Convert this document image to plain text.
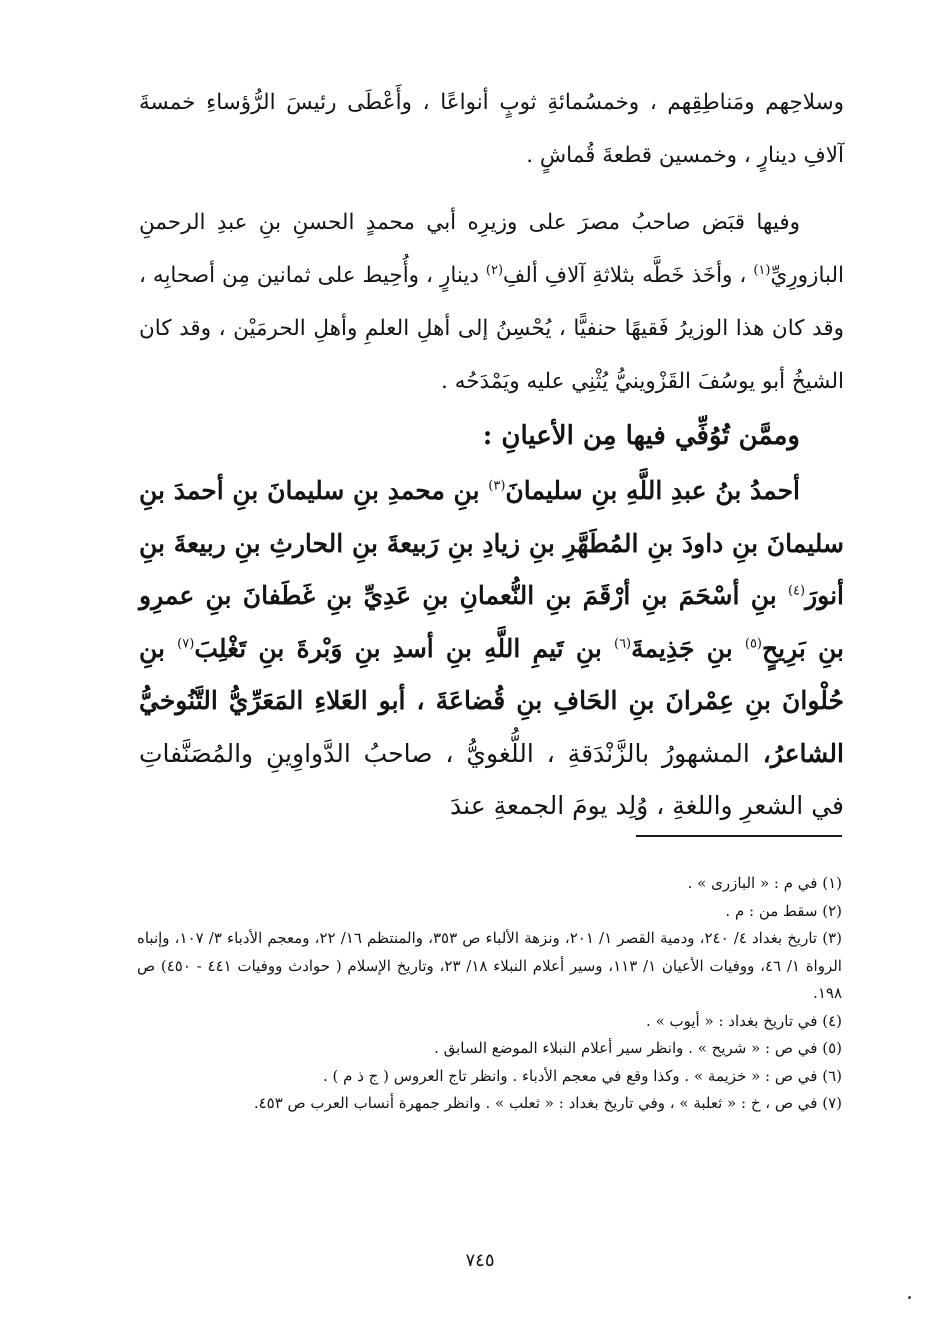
وسلاحِهم ومَناطِقِهم ، وخمسُمائةِ ثوبٍ أنواعًا ، وأَعْطَى رئيسَ الرُّؤساءِ خمسةَ آلافِ دينارٍ ، وخمسين قطعةَ قُماشٍ .

وفيها قبَض صاحبُ مصرَ على وزيرِه أبي محمدٍ الحسنِ بنِ عبدِ الرحمنِ البازورِيِّ$^{(١)}$ ، وأخَذ خَطَّه بثلاثةِ آلافِ ألفِ$^{(٢)}$ دينارٍ ، وأُحِيط على ثمانين مِن أصحابِه ، وقد كان هذا الوزيرُ فَقيهًا حنفيًّا ، يُحْسِنُ إلى أهلِ العلمِ وأهلِ الحرمَيْن ، وقد كان الشيخُ أبو يوسُفَ القَزْوينيُّ يُثْنِي عليه ويَمْدَحُه .

وممَّن تُوُفِّي فيها مِن الأعيانِ :

أحمدُ بنُ عبدِ اللَّهِ بنِ سليمانَ$^{(٣)}$ بنِ محمدِ بنِ سليمانَ بنِ أحمدَ بنِ سليمانَ بنِ داودَ بنِ المُطَهَّرِ بنِ زيادِ بنِ رَبيعةَ بنِ الحارثِ بنِ ربيعةَ بنِ أنورَ$^{(٤)}$ بنِ أسْحَمَ بنِ أرْقَمَ بنِ النُّعمانِ بنِ عَدِيِّ بنِ غَطَفانَ بنِ عمرِو بنِ بَرِيحٍ$^{(٥)}$ بنِ جَذِيمةَ$^{(٦)}$ بنِ تَيمِ اللَّهِ بنِ أسدِ بنِ وَبْرةَ بنِ تَغْلِبَ$^{(٧)}$ بنِ حُلْوانَ بنِ عِمْرانَ بنِ الحَافِ بنِ قُضاعَةَ ، أبو العَلاءِ المَعَرِّيُّ التَّنُوخيُّ الشاعرُ، المشهورُ بالزَّنْدَقةِ ، اللُّغويُّ ، صاحبُ الدَّواوِينِ والمُصَنَّفاتِ في الشعرِ واللغةِ ، وُلِد يومَ الجمعةِ عندَ

(١) في م : « البازرى » .

(٢) سقط من : م .

(٣) تاريخ بغداد ٤/ ٢٤٠، ودمية القصر ١/ ٢٠١، ونزهة الألباء ص ٣٥٣، والمنتظم ١٦/ ٢٢، ومعجم الأدباء ٣/ ١٠٧، وإنباه الرواة ١/ ٤٦، ووفيات الأعيان ١/ ١١٣، وسير أعلام النبلاء ١٨/ ٢٣، وتاريخ الإسلام ( حوادث ووفيات ٤٤١ - ٤٥٠) ص ١٩٨.

(٤) في تاريخ بغداد : « أيوب » .

(٥) في ص : « شريح » . وانظر سير أعلام النبلاء الموضع السابق .

(٦) في ص : « خزيمة » . وكذا وقع في معجم الأدباء . وانظر تاج العروس ( ج ذ م ) .

(٧) في ص ، خ : « ثعلبة » ، وفي تاريخ بغداد : « ثعلب » . وانظر جمهرة أنساب العرب ص ٤٥٣.

٧٤٥
